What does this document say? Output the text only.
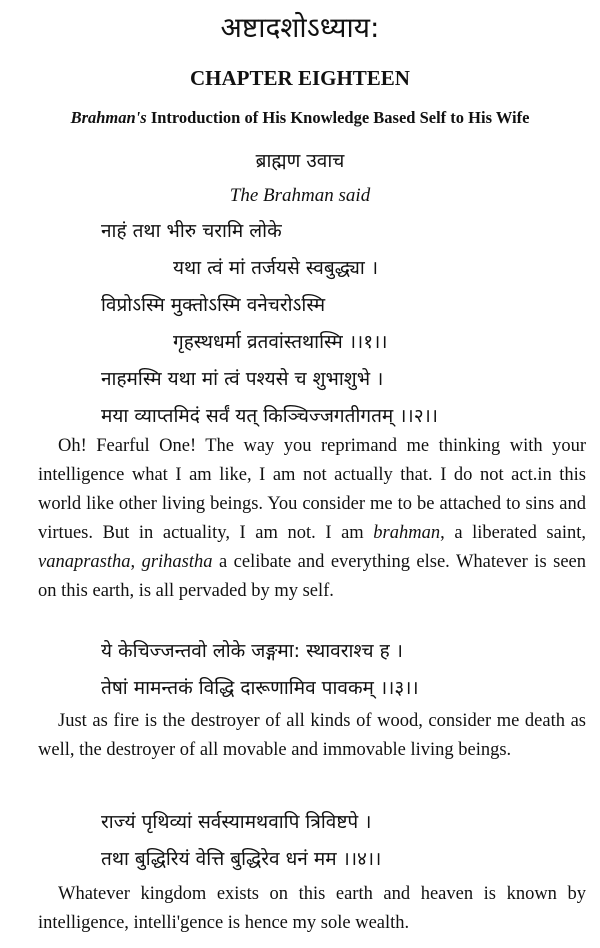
अष्टादशोऽध्याय:
CHAPTER EIGHTEEN
Brahman's Introduction of His Knowledge Based Self to His Wife
ब्राह्मण उवाच
The Brahman said
नाहं तथा भीरु चरामि लोके
यथा त्वं मां तर्जयसे स्वबुद्ध्या ।
विप्रोऽस्मि मुक्तोऽस्मि वनेचरोऽस्मि
गृहस्थधर्मा व्रतवांस्तथास्मि ।।१।।
नाहमस्मि यथा मां त्वं पश्यसे च शुभाशुभे ।
मया व्याप्तमिदं सर्वं यत् किञ्चिज्जगतीगतम् ।।२।।
Oh! Fearful One! The way you reprimand me thinking with your intelligence what I am like, I am not actually that. I do not act.in this world like other living beings. You consider me to be attached to sins and virtues. But in actuality, I am not. I am brahman, a liberated saint, vanaprastha, grihastha a celibate and everything else. Whatever is seen on this earth, is all pervaded by my self.
ये केचिज्जन्तवो लोके जङ्गमा: स्थावराश्च ह ।
तेषां मामन्तकं विद्धि दारूणामिव पावकम् ।।३।।
Just as fire is the destroyer of all kinds of wood, consider me death as well, the destroyer of all movable and immovable living beings.
राज्यं पृथिव्यां सर्वस्यामथवापि त्रिविष्टपे ।
तथा बुद्धिरियं वेत्ति बुद्धिरेव धनं मम ।।४।।
Whatever kingdom exists on this earth and heaven is known by intelligence, intelli'gence is hence my sole wealth.
